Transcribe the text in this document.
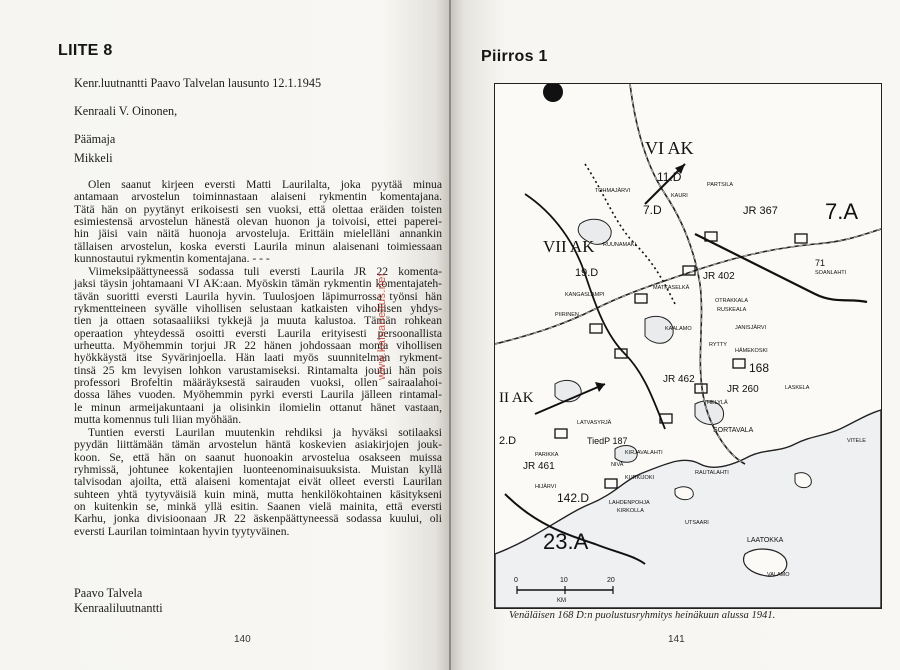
LIITE 8
Kenr.luutnantti Paavo Talvelan lausunto 12.1.1945
Kenraali V. Oinonen,
Päämaja
Mikkeli
Olen saanut kirjeen eversti Matti Laurilalta, joka pyytää minua
antamaan arvostelun toiminnastaan alaiseni rykmentin komentajana.
Tätä hän on pyytänyt erikoisesti sen vuoksi, että olettaa eräiden toisten
esimiestensä arvostelun hänestä olevan huonon ja toivoisi, ettei paperei-
hin jäisi vain näitä huonoja arvosteluja. Erittäin mielelläni annankin
tällaisen arvostelun, koska eversti Laurila minun alaisenani toimiessaan
kunnostautui rykmentin komentajana. - - -
Viimeksipäättyneessä sodassa tuli eversti Laurila JR 22 komenta-
jaksi täysin johtamaani VI AK:aan. Myöskin tämän rykmentin komentajateh-
tävän suoritti eversti Laurila hyvin. Tuulosjoen läpimurrossa työnsi hän
rykmentteineen syvälle vihollisen selustaan katkaisten vihollisen yhdys-
tien ja ottaen sotasaaliiksi tykkejä ja muuta kalustoa. Tämän rohkean
operaation yhteydessä osoitti eversti Laurila erityisesti persoonallista
urheutta. Myöhemmin torjui JR 22 hänen johdossaan monta vihollisen
hyökkäystä itse Syvärinjoella. Hän laati myös suunnitelman rykment-
tinsä 25 km levyisen lohkon varustamiseksi. Rintamalta joutui hän pois
professori Brofeltin määräyksestä sairauden vuoksi, ollen sairaalahoi-
dossa lähes vuoden. Myöhemmin pyrki eversti Laurila jälleen rintamal-
le minun armeijakuntaani ja olisinkin ilomielin ottanut hänet vastaan,
mutta komennus tuli liian myöhään.
Tuntien eversti Laurilan muutenkin rehdiksi ja hyväksi sotilaaksi
pyydän liittämään tämän arvostelun häntä koskevien asiakirjojen jouk-
koon. Se, että hän on saanut huonoakin arvostelua osakseen muissa
ryhmissä, johtunee kokentajien luonteenominaisuuksista. Muistan kyllä
talvisodan ajoilta, että alaiseni komentajat eivät olleet eversti Laurilan
suhteen yhtä tyytyväisiä kuin minä, mutta henkilökohtainen käsitykseni
on kuitenkin se, minkä yllä esitin. Saanen vielä mainita, että eversti
Karhu, jonka divisioonaan JR 22 äskenpäättyneessä sodassa kuului, oli
eversti Laurilan toimintaan hyvin tyytyväinen.
Paavo Talvela
Kenraaliluutnantti
140
www.kaisaneitus.net
Piirros 1
0	10	20
KM
VI AK
VII AK
II AK
7.A
23.A
11.D
7.D
19.D
2.D
142.D
168
JR 367
JR 402
JR 462
JR 260
JR 461
TiedP 187
71
TOHMAJÄRVI
KAURI
PARTSILA
RUUNAMAKI
SOANLAHTI
MATKASELKÄ
KANGASLAMPI
PIIRINEN
KAALAMO
RUSKEALA
OTRAKKALA
JANISJÄRVI
HÄMEKOSKI
RYTTY
HELYLÄ
LASKELA
SORTAVALA
RAUTALAHTI
KURKIJOKI
KIRKOLLA
LAHDENPOHJA
UTSAARI
LAATOKKA
VALAMO
VITELE
HIJÄRVI
LATVASYRJÄ
PARIKKA
NIVA
KIRJAVALAHTI
Venäläisen 168 D:n puolustusryhmitys heinäkuun alussa 1941.
141
